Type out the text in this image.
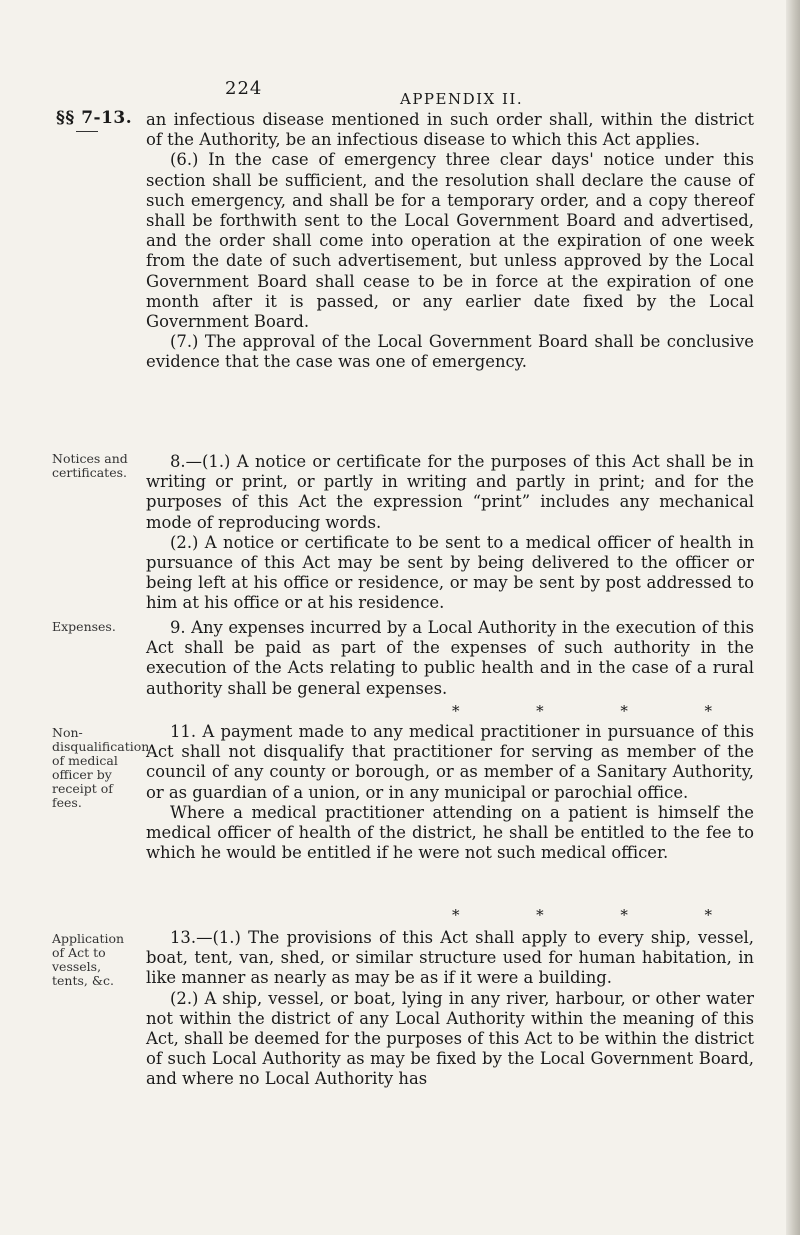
224	APPENDIX II.
§§ 7-13. an infectious disease mentioned in such order shall, within the district of the Authority, be an infectious disease to which this Act applies.

(6.) In the case of emergency three clear days' notice under this section shall be sufficient, and the resolution shall declare the cause of such emergency, and shall be for a temporary order, and a copy thereof shall be forthwith sent to the Local Government Board and advertised, and the order shall come into operation at the expiration of one week from the date of such advertisement, but unless approved by the Local Government Board shall cease to be in force at the expiration of one month after it is passed, or any earlier date fixed by the Local Government Board.

(7.) The approval of the Local Government Board shall be conclusive evidence that the case was one of emergency.

Notices and certificates.

8.—(1.) A notice or certificate for the purposes of this Act shall be in writing or print, or partly in writing and partly in print; and for the purposes of this Act the expression “print” includes any mechanical mode of reproducing words.

(2.) A notice or certificate to be sent to a medical officer of health in pursuance of this Act may be sent by being delivered to the officer or being left at his office or residence, or may be sent by post addressed to him at his office or at his residence.

Expenses.	9. Any expenses incurred by a Local Authority in the execution of this Act shall be paid as part of the expenses of such authority in the execution of the Acts relating to public health and in the case of a rural authority shall be general expenses.

*	*	*	*
Non-disqualification of medical officer by receipt of fees.

11. A payment made to any medical practitioner in pursuance of this Act shall not disqualify that practitioner for serving as member of the council of any county or borough, or as member of a Sanitary Authority, or as guardian of a union, or in any municipal or parochial office.

Where a medical practitioner attending on a patient is himself the medical officer of health of the district, he shall be entitled to the fee to which he would be entitled if he were not such medical officer.

*	*	*	*
Application of Act to vessels, tents, &c.

13.—(1.) The provisions of this Act shall apply to every ship, vessel, boat, tent, van, shed, or similar structure used for human habitation, in like manner as nearly as may be as if it were a building.

(2.) A ship, vessel, or boat, lying in any river, harbour, or other water not within the district of any Local Authority within the meaning of this Act, shall be deemed for the purposes of this Act to be within the district of such Local Authority as may be fixed by the Local Government Board, and where no Local Authority has
